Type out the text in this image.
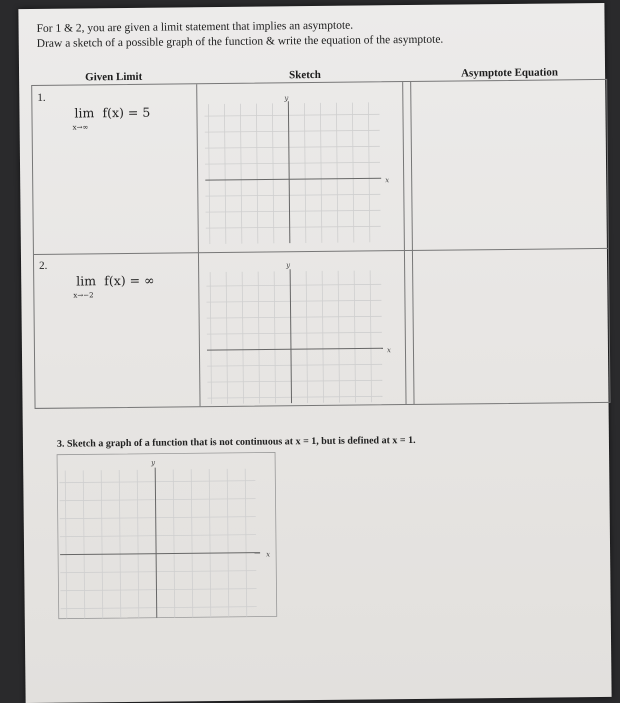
For 1 & 2, you are given a limit statement that implies an asymptote.
Draw a sketch of a possible graph of the function & write the equation of the asymptote.
Given Limit	Sketch	Asymptote Equation
1.
lim f(x) = 5
x→∞
y
x
2.
lim f(x) = ∞
x→−2
y
x
3. Sketch a graph of a function that is not continuous at x = 1, but is defined at x = 1.
y
x
